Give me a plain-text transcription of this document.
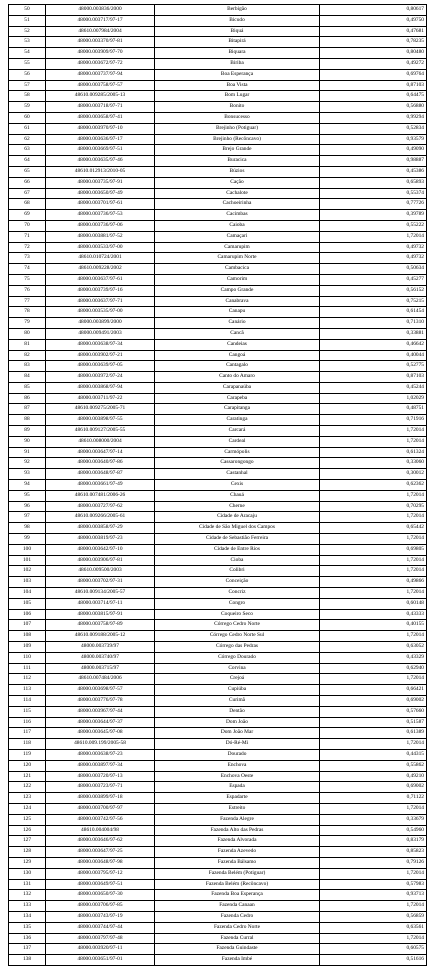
50	48000.003836/2000	Berbigão	0,80617
51	48000.003717/97-17	Bicudo	0,49750
52	48610.007984/2004	Biquá	0,47681
53	48000.003370/97-81	Bitapirá	0,78235
54	48000.003909/97-70	Biquara	0,80480
55	48000.003672/97-72	Biriba	0,49272
56	48000.003737/97-94	Boa Esperança	0,69764
57	48000.003758/97-57	Boa Vista	0,87103
58	48610.009285/2005-13	Bom Lugar	0,64475
59	48000.003718/97-71	Bonito	0,56880
60	48000.003658/97-41	Bonsucesso	0,99294
61	48000.003970/97-10	Brejinho (Potiguar)	0,52834
62	48000.003636/97-17	Brejinho (Recôncavo)	0,93579
63	48000.003669/97-51	Brejo Grande	0,49090
64	48000.003635/97-46	Buracica	0,98887
65	48610.012913/2010-05	Búzios	0,45386
66	48000.003735/97-91	Cação	0,65893
67	48000.003650/97-49	Cachalote	0,55374
68	48000.003701/97-61	Cachoeirinha	0,77726
69	48000.003736/97-53	Cacimbas	0,39789
70	48000.003736/97-06	Caioba	0,55222
71	48000.003881/97-52	Camaçari	1,72014
72	48000.003533/97-00	Camarupim	0,49732
73	48610.010724/2001	Camarupim Norte	0,49732
74	48610.009228/2002	Cambacica	0,50634
75	48000.003637/97-61	Camorim	0,45277
76	48000.003739/97-16	Campo Grande	0,56152
77	48000.003637/97-71	Canabrava	0,75215
78	48000.003535/97-00	Canapu	0,61454
79	48000.003899/2000	Canário	0,71310
80	48000.009491/2003	Cancã	0,33881
81	48000.003638/97-34	Candeias	0,46642
82	48000.003902/97-21	Cangoá	0,40044
83	48000.003639/97-05	Cantagalo	0,52775
84	48000.003972/97-24	Canto do Amaro	0,87103
85	48000.003868/97-94	Carapanaúba	0,45244
86	48000.003711/97-22	Carapeba	1,02029
87	48610.009275/2005-71	Carapitanga	0,48751
88	48000.003898/97-55	Caratinga	0,71916
89	48610.009127/2005-55	Carcará	1,72014
90	48610.008000/2004	Cardeal	1,72014
91	48000.003647/97-14	Carmópolis	0,61324
92	48000.003640/97-86	Cassarongongo	0,33060
93	48000.003648/97-87	Castanhal	0,30012
94	48000.003661/97-49	Cexis	0,62362
95	48610.007481/2006-26	Chauá	1,72014
96	48000.003727/97-62	Cherne	0,70295
97	48610.009266/2005-61	Cidade de Aracaju	1,72014
98	48000.003858/97-29	Cidade de São Miguel dos Campos	0,65442
99	48000.003819/97-23	Cidade de Sebastião Ferreira	1,72014
100	48000.003642/97-10	Cidade de Entre Rios	0,69805
101	48000.003906/97-81	Cioba	1,72014
102	48610.009500/2003	Colibri	1,72014
103	48000.003702/97-31	Conceição	0,49866
104	48610.009134/2005-57	Concriz	1,72014
105	48000.003714/97-11	Congro	0,60148
106	48000.003815/97-91	Coqueiro Seco	0,43333
107	48000.003758/97-89	Córrego Cedro Norte	0,40155
108	48610.009188/2005-12	Córrego Cedro Norte Sul	1,72014
109	48000.003739/97	Córrego das Pedras	0,63052
110	48000.003740/97	Córrego Dourado	0,43329
111	48000.003715/97	Corvina	0,62940
112	48610.007484/2006	Crejoá	1,72014
113	48000.003698/97-57	Cupiúba	0,66421
114	48000.003776/97-78	Curimã	0,69002
115	48000.003967/97-44	Dentão	0,57660
116	48000.003644/97-37	Dom João	0,51587
117	48000.003645/97-08	Dom João Mar	0,61389
118	48610.009.199/2005-58	Dó-Ré-Mi	1,72014
119	48000.003638/97-23	Dourado	0,44315
120	48000.003897/97-34	Enchova	0,55862
121	48000.003720/97-13	Enchova Oeste	0,49210
122	48000.003723/97-71	Espada	0,69002
123	48000.003899/97-18	Espadarte	0,71122
124	48000.003700/97-97	Estreito	1,72014
125	48000.003742/97-56	Fazenda Alegre	0,33679
126	48610.004004/98	Fazenda Alto das Pedras	0,54960
127	48000.003646/97-62	Fazenda Alvorada	0,83179
128	48000.003647/97-25	Fazenda Azevedo	0,85823
129	48000.003648/97-98	Fazenda Bálsamo	0,79126
130	48000.003795/97-12	Fazenda Belém (Potiguar)	1,72014
131	48000.003649/97-51	Fazenda Belém (Recôncavo)	0,57983
132	48000.003650/97-30	Fazenda Boa Esperança	0,93713
133	48000.003706/97-85	Fazenda Canaan	1,72014
134	48000.003743/97-19	Fazenda Cedro	0,56859
135	48000.003744/97-44	Fazenda Cedro Norte	0,63561
136	48000.003797/97-48	Fazenda Curral	1,72014
137	48000.003920/97-11	Fazenda Guindaste	0,60575
138	48000.003651/97-01	Fazenda Imbé	0,51616
